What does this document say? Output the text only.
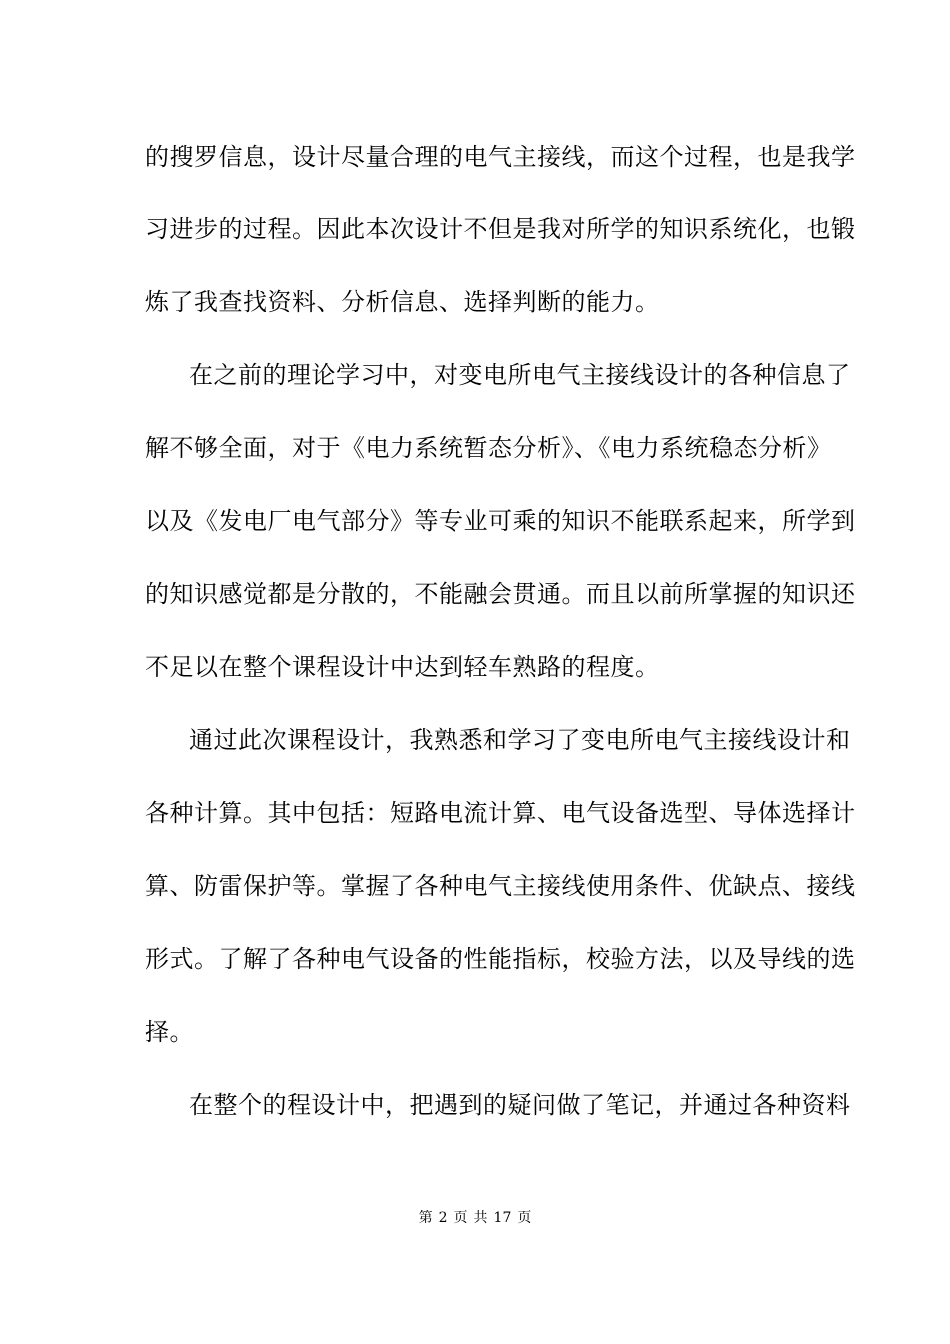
的搜罗信息，设计尽量合理的电气主接线，而这个过程，也是我学
习进步的过程。因此本次设计不但是我对所学的知识系统化，也锻
炼了我查找资料、分析信息、选择判断的能力。
在之前的理论学习中，对变电所电气主接线设计的各种信息了
解不够全面，对于《电力系统暂态分析》、《电力系统稳态分析》
以及《发电厂电气部分》等专业可乘的知识不能联系起来，所学到
的知识感觉都是分散的，不能融会贯通。而且以前所掌握的知识还
不足以在整个课程设计中达到轻车熟路的程度。
通过此次课程设计，我熟悉和学习了变电所电气主接线设计和
各种计算。其中包括：短路电流计算、电气设备选型、导体选择计
算、防雷保护等。掌握了各种电气主接线使用条件、优缺点、接线
形式。了解了各种电气设备的性能指标，校验方法，以及导线的选
择。
在整个的程设计中，把遇到的疑问做了笔记，并通过各种资料
第 2 页 共 17 页
